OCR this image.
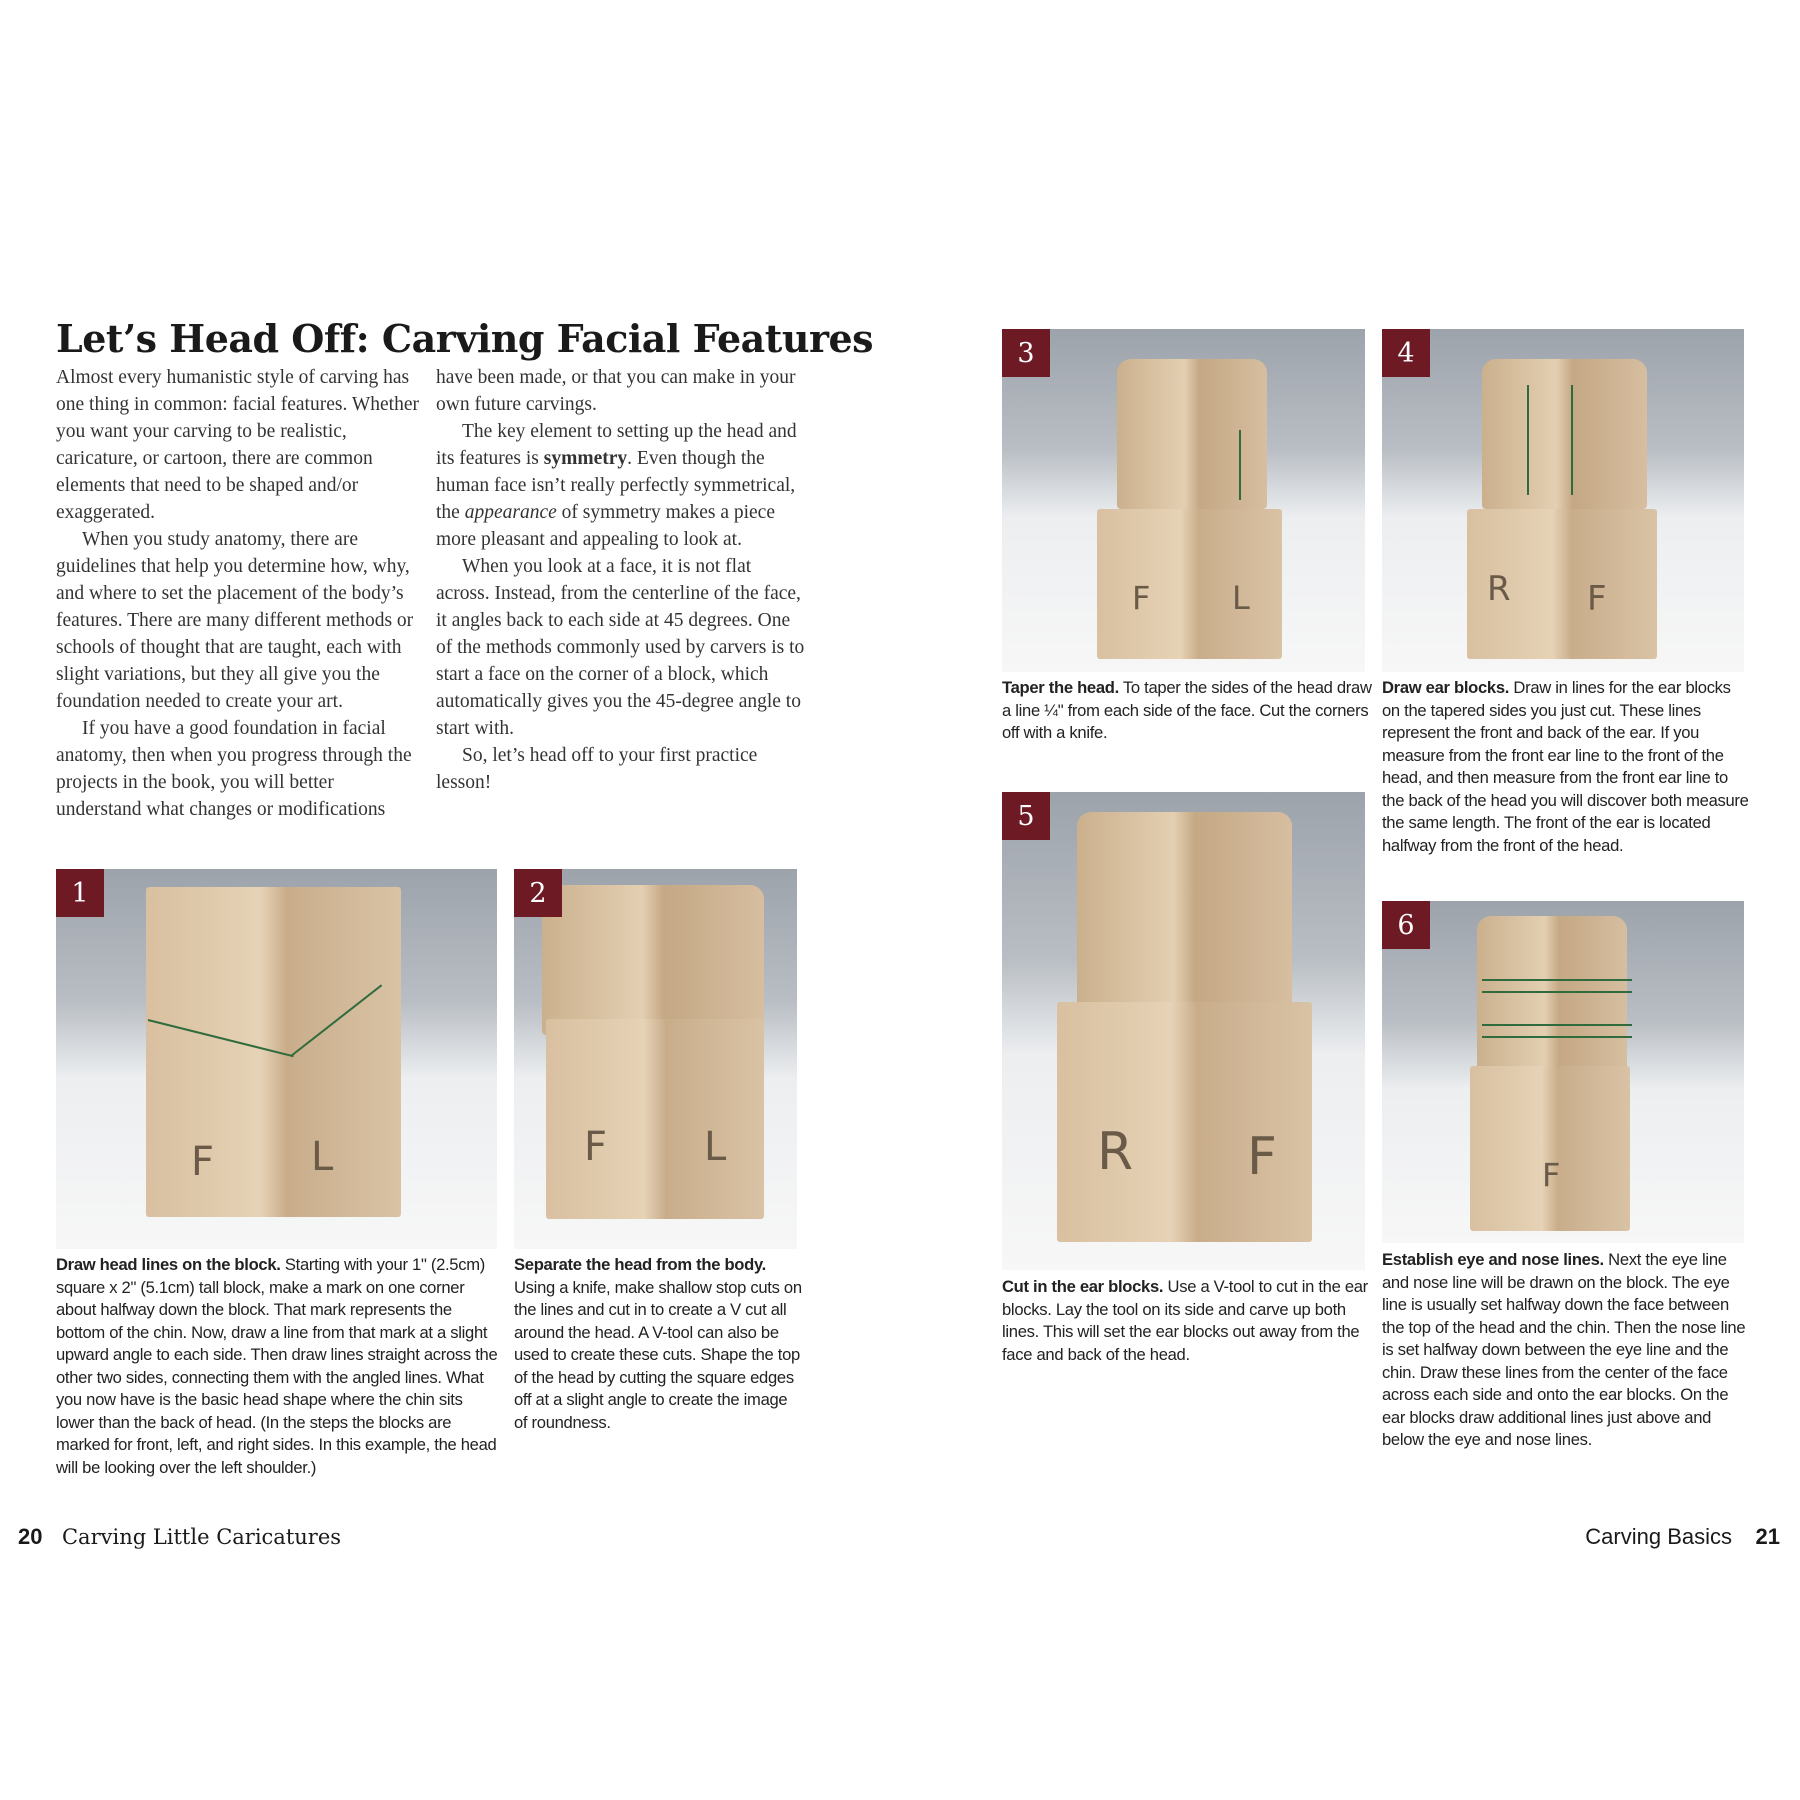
Let’s Head Off: Carving Facial Features

Almost every humanistic style of carving has one thing in common: facial features. Whether you want your carving to be realistic, caricature, or cartoon, there are common elements that need to be shaped and/or exaggerated.

When you study anatomy, there are guidelines that help you determine how, why, and where to set the placement of the body’s features. There are many different methods or schools of thought that are taught, each with slight variations, but they all give you the foundation needed to create your art.

If you have a good foundation in facial anatomy, then when you progress through the projects in the book, you will better understand what changes or modifications

have been made, or that you can make in your own future carvings.

The key element to setting up the head and its features is symmetry. Even though the human face isn’t really perfectly symmetrical, the appearance of symmetry makes a piece more pleasant and appealing to look at.

When you look at a face, it is not flat across. Instead, from the centerline of the face, it angles back to each side at 45 degrees. One of the methods commonly used by carvers is to start a face on the corner of a block, which automatically gives you the 45-degree angle to start with.

So, let’s head off to your first practice lesson!

F L
1
Draw head lines on the block. Starting with your 1" (2.5cm) square x 2" (5.1cm) tall block, make a mark on one corner about halfway down the block. That mark represents the bottom of the chin. Now, draw a line from that mark at a slight upward angle to each side. Then draw lines straight across the other two sides, connecting them with the angled lines. What you now have is the basic head shape where the chin sits lower than the back of head. (In the steps the blocks are marked for front, left, and right sides. In this example, the head will be looking over the left shoulder.)
F L
2
Separate the head from the body. Using a knife, make shallow stop cuts on the lines and cut in to create a V cut all around the head. A V-tool can also be used to create these cuts. Shape the top of the head by cutting the square edges off at a slight angle to create the image of roundness.
F	L
3
Taper the head. To taper the sides of the head draw a line ¼" from each side of the face. Cut the corners off with a knife.
R F
4
Draw ear blocks. Draw in lines for the ear blocks on the tapered sides you just cut. These lines represent the front and back of the ear. If you measure from the front ear line to the front of the head, and then measure from the front ear line to the back of the head you will discover both measure the same length. The front of the ear is located halfway from the front of the head.
R F
5
Cut in the ear blocks. Use a V-tool to cut in the ear blocks. Lay the tool on its side and carve up both lines. This will set the ear blocks out away from the face and back of the head.
F
6
Establish eye and nose lines. Next the eye line and nose line will be drawn on the block. The eye line is usually set halfway down the face between the top of the head and the chin. Then the nose line is set halfway down between the eye line and the chin. Draw these lines from the center of the face across each side and onto the ear blocks. On the ear blocks draw additional lines just above and below the eye and nose lines.
20 Carving Little Caricatures	Carving Basics 21
